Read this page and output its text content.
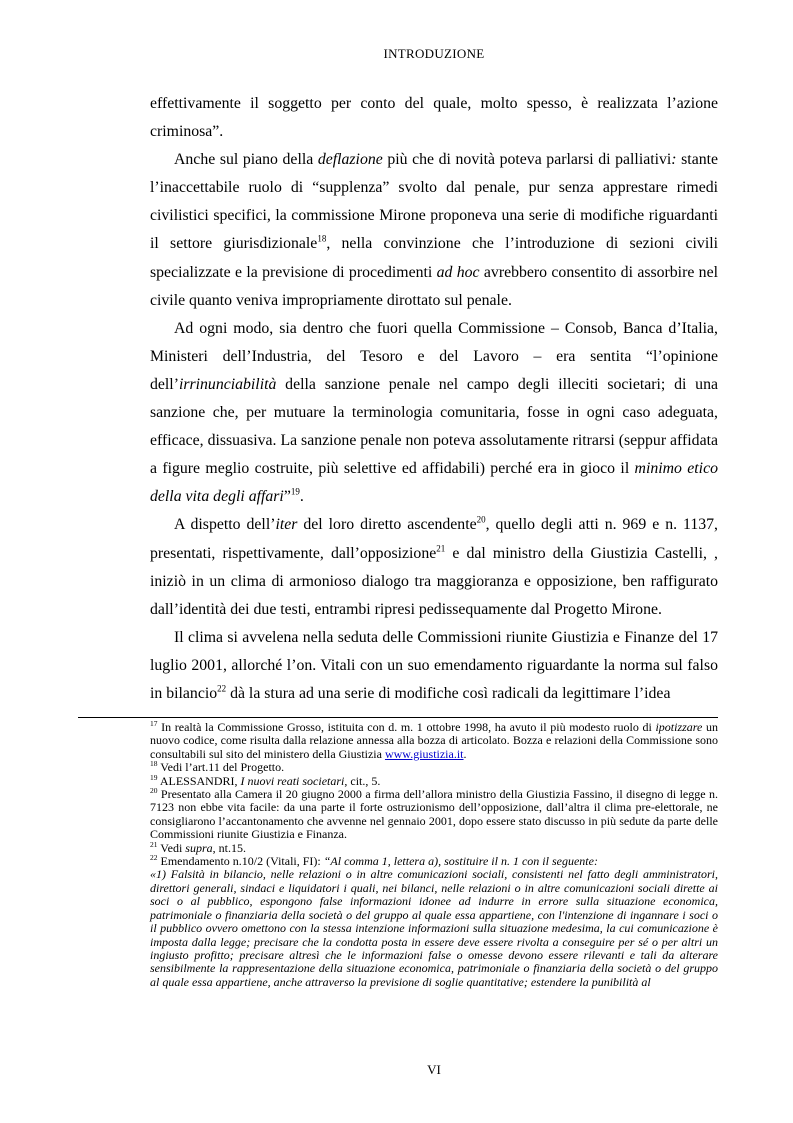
INTRODUZIONE

effettivamente il soggetto per conto del quale, molto spesso, è realizzata l’azione criminosa”.

Anche sul piano della deflazione più che di novità poteva parlarsi di palliativi: stante l’inaccettabile ruolo di “supplenza” svolto dal penale, pur senza apprestare rimedi civilistici specifici, la commissione Mirone proponeva una serie di modifiche riguardanti il settore giurisdizionale$^{18}$, nella convinzione che l’introduzione di sezioni civili specializzate e la previsione di procedimenti ad hoc avrebbero consentito di assorbire nel civile quanto veniva impropriamente dirottato sul penale.

Ad ogni modo, sia dentro che fuori quella Commissione – Consob, Banca d’Italia, Ministeri dell’Industria, del Tesoro e del Lavoro – era sentita “l’opinione dell’irrinunciabilità della sanzione penale nel campo degli illeciti societari; di una sanzione che, per mutuare la terminologia comunitaria, fosse in ogni caso adeguata, efficace, dissuasiva. La sanzione penale non poteva assolutamente ritrarsi (seppur affidata a figure meglio costruite, più selettive ed affidabili) perché era in gioco il minimo etico della vita degli affari”$^{19}$.

A dispetto dell’iter del loro diretto ascendente$^{20}$, quello degli atti n. 969 e n. 1137, presentati, rispettivamente, dall’opposizione$^{21}$ e dal ministro della Giustizia Castelli, , iniziò in un clima di armonioso dialogo tra maggioranza e opposizione, ben raffigurato dall’identità dei due testi, entrambi ripresi pedissequamente dal Progetto Mirone.

Il clima si avvelena nella seduta delle Commissioni riunite Giustizia e Finanze del 17 luglio 2001, allorché l’on. Vitali con un suo emendamento riguardante la norma sul falso in bilancio$^{22}$ dà la stura ad una serie di modifiche così radicali da legittimare l’idea

$^{17}$ In realtà la Commissione Grosso, istituita con d. m. 1 ottobre 1998, ha avuto il più modesto ruolo di ipotizzare un nuovo codice, come risulta dalla relazione annessa alla bozza di articolato. Bozza e relazioni della Commissione sono consultabili sul sito del ministero della Giustizia www.giustizia.it.

$^{18}$ Vedi l’art.11 del Progetto.

$^{19}$ ALESSANDRI, I nuovi reati societari, cit., 5.

$^{20}$ Presentato alla Camera il 20 giugno 2000 a firma dell’allora ministro della Giustizia Fassino, il disegno di legge n. 7123 non ebbe vita facile: da una parte il forte ostruzionismo dell’opposizione, dall’altra il clima pre-elettorale, ne consigliarono l’accantonamento che avvenne nel gennaio 2001, dopo essere stato discusso in più sedute da parte delle Commissioni riunite Giustizia e Finanza.

$^{21}$ Vedi supra, nt.15.

$^{22}$ Emendamento n.10/2 (Vitali, FI): “Al comma 1, lettera a), sostituire il n. 1 con il seguente:

«1) Falsità in bilancio, nelle relazioni o in altre comunicazioni sociali, consistenti nel fatto degli amministratori, direttori generali, sindaci e liquidatori i quali, nei bilanci, nelle relazioni o in altre comunicazioni sociali dirette ai soci o al pubblico, espongono false informazioni idonee ad indurre in errore sulla situazione economica, patrimoniale o finanziaria della società o del gruppo al quale essa appartiene, con l'intenzione di ingannare i soci o il pubblico ovvero omettono con la stessa intenzione informazioni sulla situazione medesima, la cui comunicazione è imposta dalla legge; precisare che la condotta posta in essere deve essere rivolta a conseguire per sé o per altri un ingiusto profitto; precisare altresì che le informazioni false o omesse devono essere rilevanti e tali da alterare sensibilmente la rappresentazione della situazione economica, patrimoniale o finanziaria della società o del gruppo al quale essa appartiene, anche attraverso la previsione di soglie quantitative; estendere la punibilità al

VI
